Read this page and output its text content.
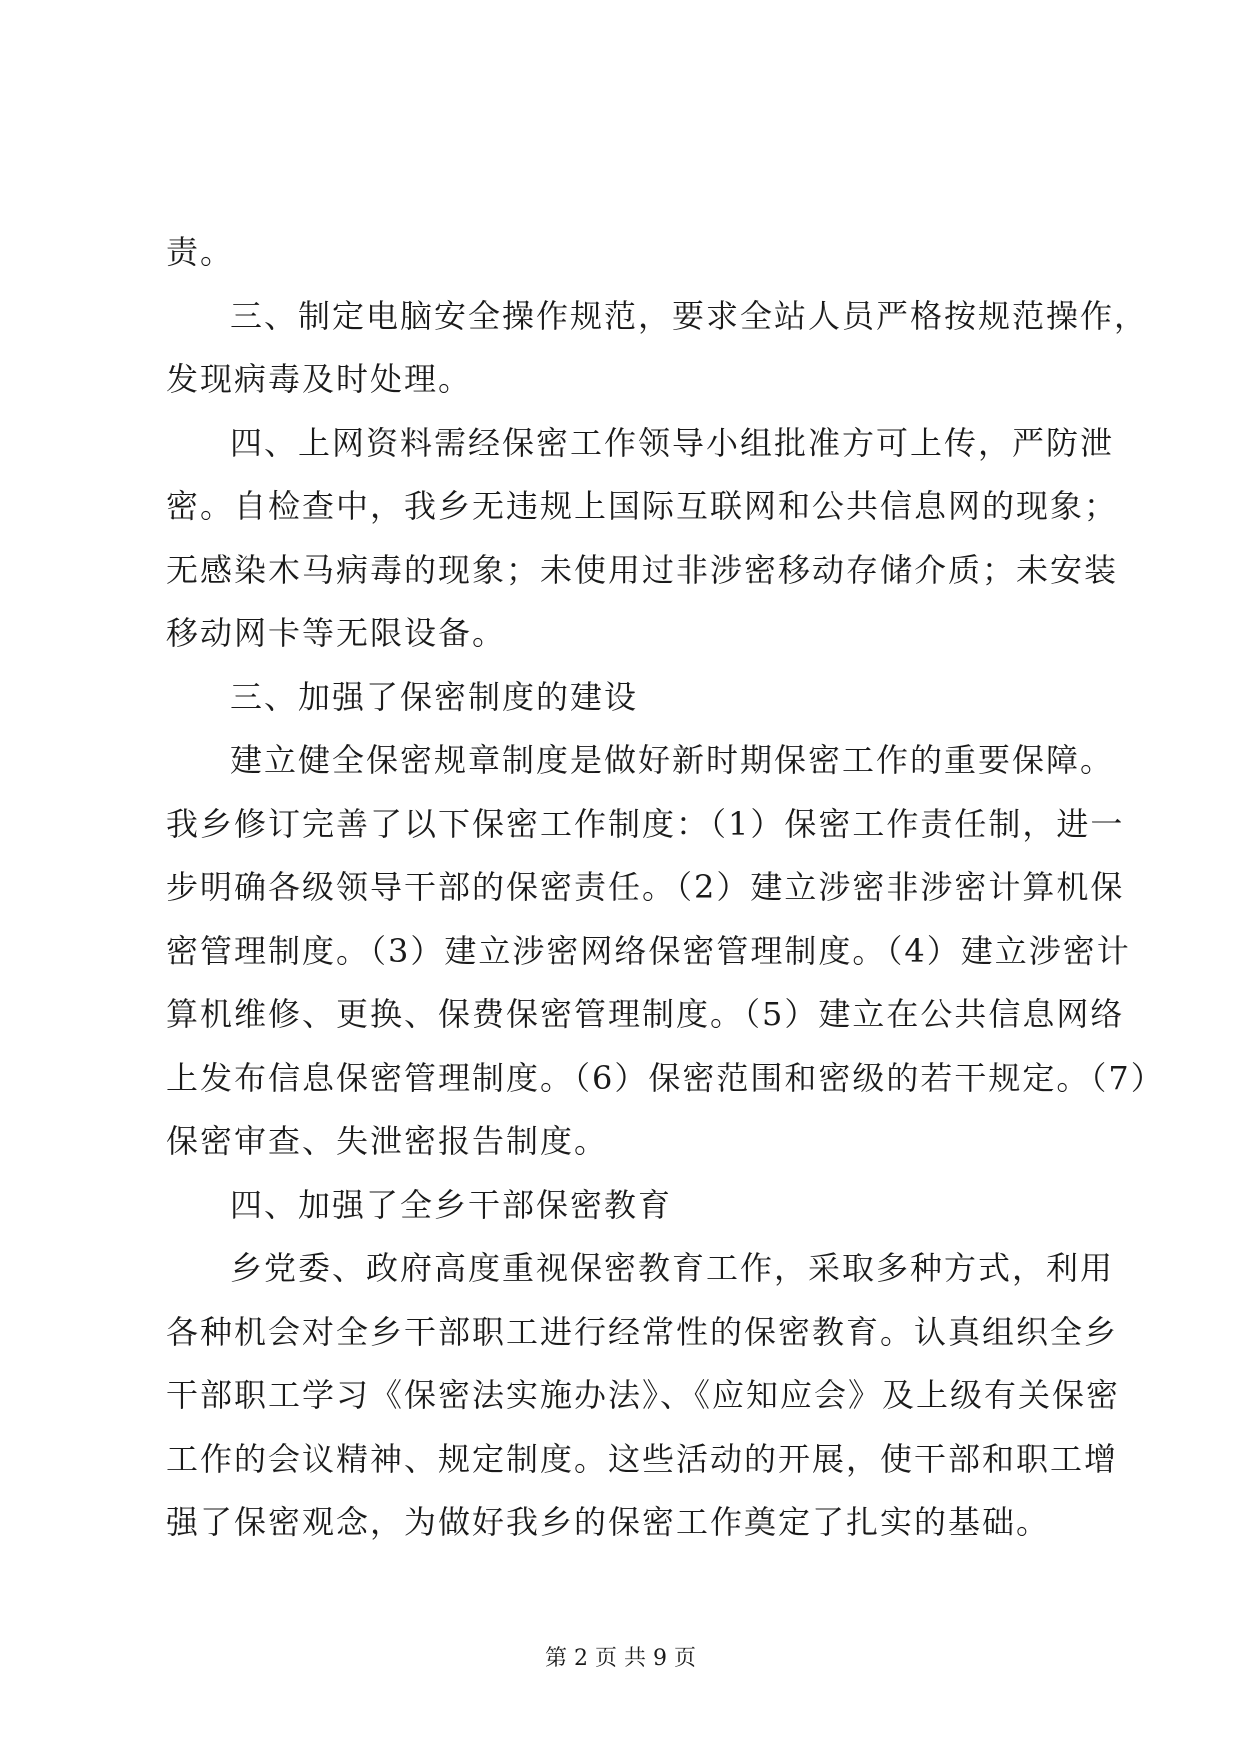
责。
三、制定电脑安全操作规范，要求全站人员严格按规范操作，
发现病毒及时处理。
四、上网资料需经保密工作领导小组批准方可上传，严防泄
密。自检查中，我乡无违规上国际互联网和公共信息网的现象；
无感染木马病毒的现象；未使用过非涉密移动存储介质；未安装
移动网卡等无限设备。
三、加强了保密制度的建设
建立健全保密规章制度是做好新时期保密工作的重要保障。
我乡修订完善了以下保密工作制度：（1）保密工作责任制，进一
步明确各级领导干部的保密责任。（2）建立涉密非涉密计算机保
密管理制度。（3）建立涉密网络保密管理制度。（4）建立涉密计
算机维修、更换、保费保密管理制度。（5）建立在公共信息网络
上发布信息保密管理制度。（6）保密范围和密级的若干规定。（7）
保密审查、失泄密报告制度。
四、加强了全乡干部保密教育
乡党委、政府高度重视保密教育工作，采取多种方式，利用
各种机会对全乡干部职工进行经常性的保密教育。认真组织全乡
干部职工学习《保密法实施办法》、《应知应会》及上级有关保密
工作的会议精神、规定制度。这些活动的开展，使干部和职工增
强了保密观念，为做好我乡的保密工作奠定了扎实的基础。
第 2 页 共 9 页
